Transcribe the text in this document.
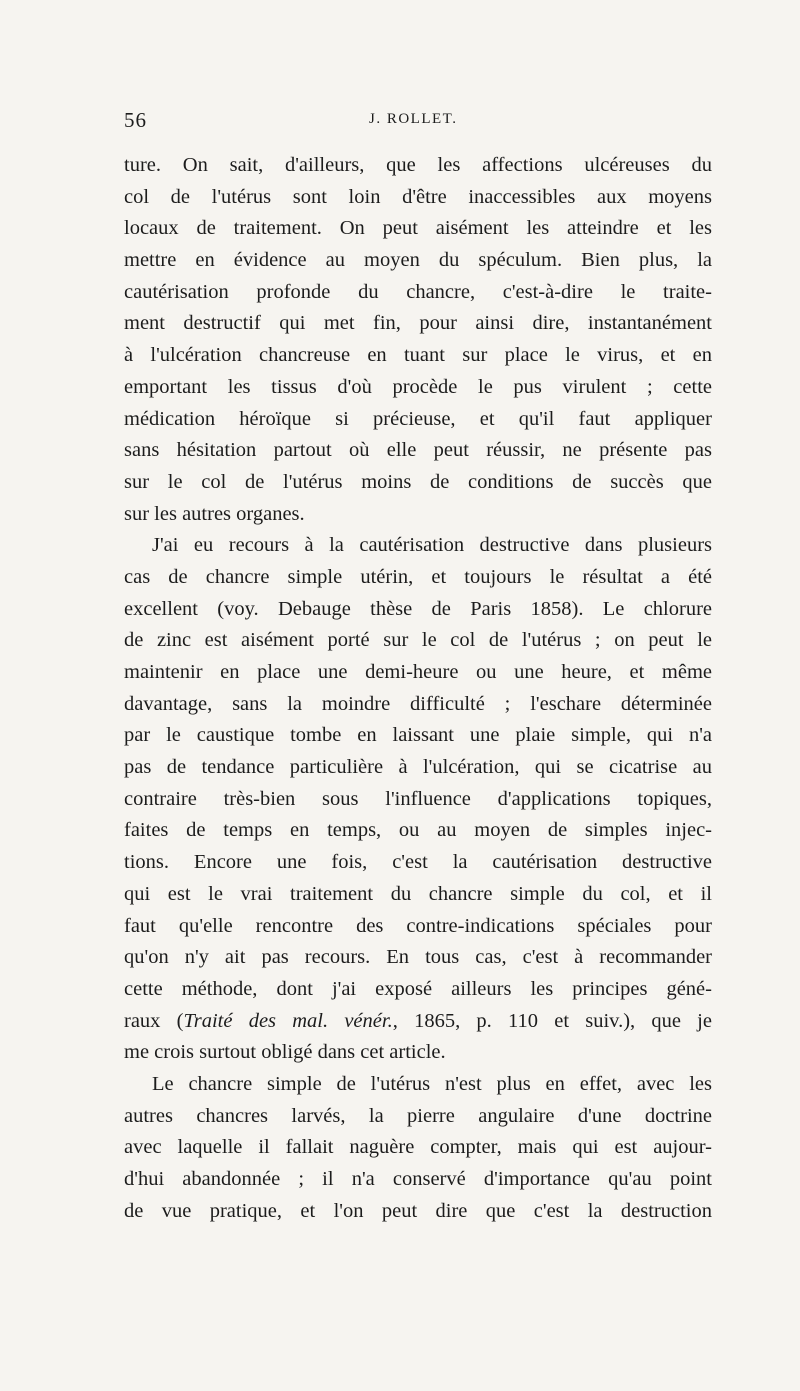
56	J. ROLLET.
ture. On sait, d'ailleurs, que les affections ulcéreuses du
col de l'utérus sont loin d'être inaccessibles aux moyens
locaux de traitement. On peut aisément les atteindre et les
mettre en évidence au moyen du spéculum. Bien plus, la
cautérisation profonde du chancre, c'est-à-dire le traite-
ment destructif qui met fin, pour ainsi dire, instantanément
à l'ulcération chancreuse en tuant sur place le virus, et en
emportant les tissus d'où procède le pus virulent ; cette
médication héroïque si précieuse, et qu'il faut appliquer
sans hésitation partout où elle peut réussir, ne présente pas
sur le col de l'utérus moins de conditions de succès que
sur les autres organes.
J'ai eu recours à la cautérisation destructive dans plusieurs
cas de chancre simple utérin, et toujours le résultat a été
excellent (voy. Debauge thèse de Paris 1858). Le chlorure
de zinc est aisément porté sur le col de l'utérus ; on peut le
maintenir en place une demi-heure ou une heure, et même
davantage, sans la moindre difficulté ; l'eschare déterminée
par le caustique tombe en laissant une plaie simple, qui n'a
pas de tendance particulière à l'ulcération, qui se cicatrise au
contraire très-bien sous l'influence d'applications topiques,
faites de temps en temps, ou au moyen de simples injec-
tions. Encore une fois, c'est la cautérisation destructive
qui est le vrai traitement du chancre simple du col, et il
faut qu'elle rencontre des contre-indications spéciales pour
qu'on n'y ait pas recours. En tous cas, c'est à recommander
cette méthode, dont j'ai exposé ailleurs les principes géné-
raux (Traité des mal. vénér., 1865, p. 110 et suiv.), que je
me crois surtout obligé dans cet article.
Le chancre simple de l'utérus n'est plus en effet, avec les
autres chancres larvés, la pierre angulaire d'une doctrine
avec laquelle il fallait naguère compter, mais qui est aujour-
d'hui abandonnée ; il n'a conservé d'importance qu'au point
de vue pratique, et l'on peut dire que c'est la destruction
